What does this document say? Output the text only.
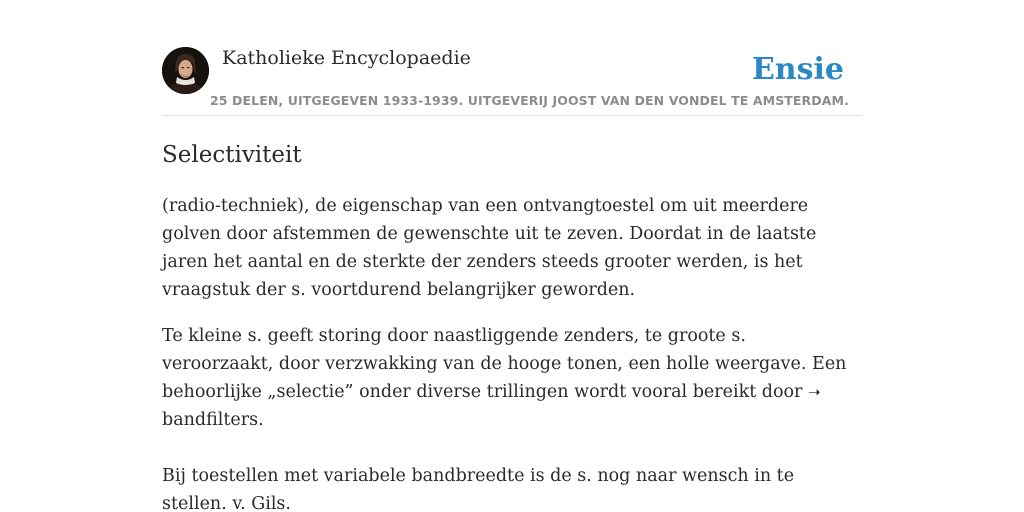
Katholieke Encyclopaedie
25 DELEN, UITGEGEVEN 1933-1939. UITGEVERIJ JOOST VAN DEN VONDEL TE AMSTERDAM.
Ensie
Selectiviteit

(radio-techniek), de eigenschap van een ontvangtoestel om uit meerdere golven door afstemmen de gewenschte uit te zeven. Doordat in de laatste jaren het aantal en de sterkte der zenders steeds grooter werden, is het vraagstuk der s. voortdurend belangrijker geworden.

Te kleine s. geeft storing door naastliggende zenders, te groote s. veroorzaakt, door verzwakking van de hooge tonen, een holle weergave. Een behoorlijke „selectie” onder diverse trillingen wordt vooral bereikt door ➝ bandfilters.

Bij toestellen met variabele bandbreedte is de s. nog naar wensch in te stellen. v. Gils.
